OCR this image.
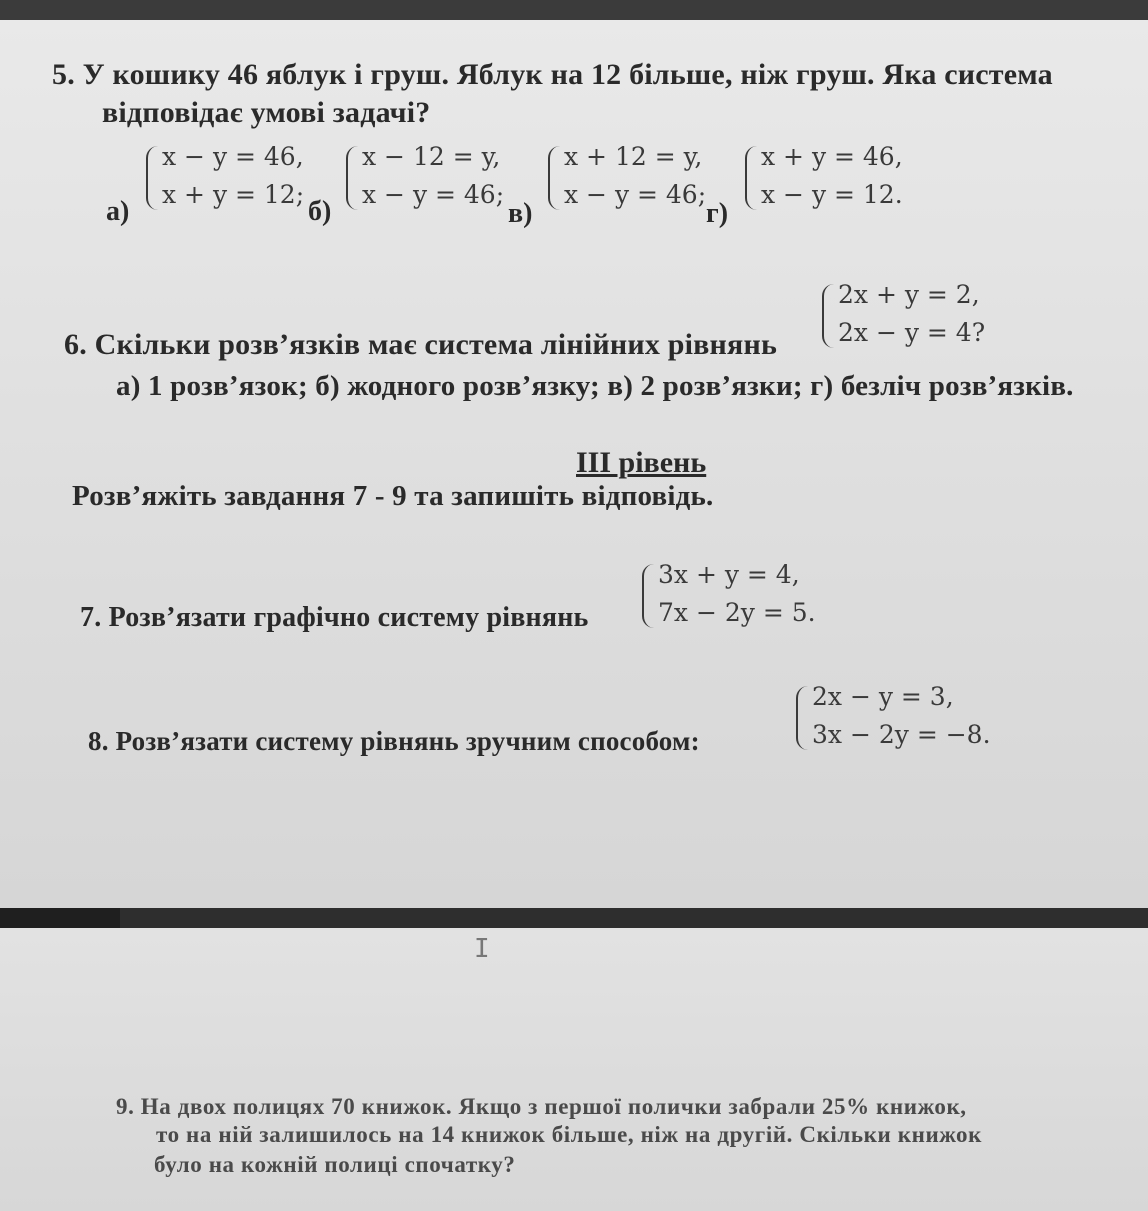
5. У кошику 46 яблук і груш. Яблук на 12 більше, ніж груш. Яка система
відповідає умові задачі?
а)
x − y = 46,
x + y = 12;
б)
x − 12 = y,
x − y = 46;
в)
x + 12 = y,
x − y = 46;
г)
x + y = 46,
x − y = 12.
6. Скільки розв’язків має система лінійних рівнянь
2x + y = 2,
2x − y = 4?
а) 1 розв’язок; б) жодного розв’язку; в) 2 розв’язки; г) безліч розв’язків.
ІІІ рівень
Розв’яжіть завдання 7 - 9 та запишіть відповідь.
7. Розв’язати графічно систему рівнянь
3x + y = 4,
7x − 2y = 5.
8. Розв’язати систему рівнянь зручним способом:
2x − y = 3,
3x − 2y = −8.
I
9. На двох полицях 70 книжок. Якщо з першої полички забрали 25% книжок,
то на ній залишилось на 14 книжок більше, ніж на другій. Скільки книжок
було на кожній полиці спочатку?
